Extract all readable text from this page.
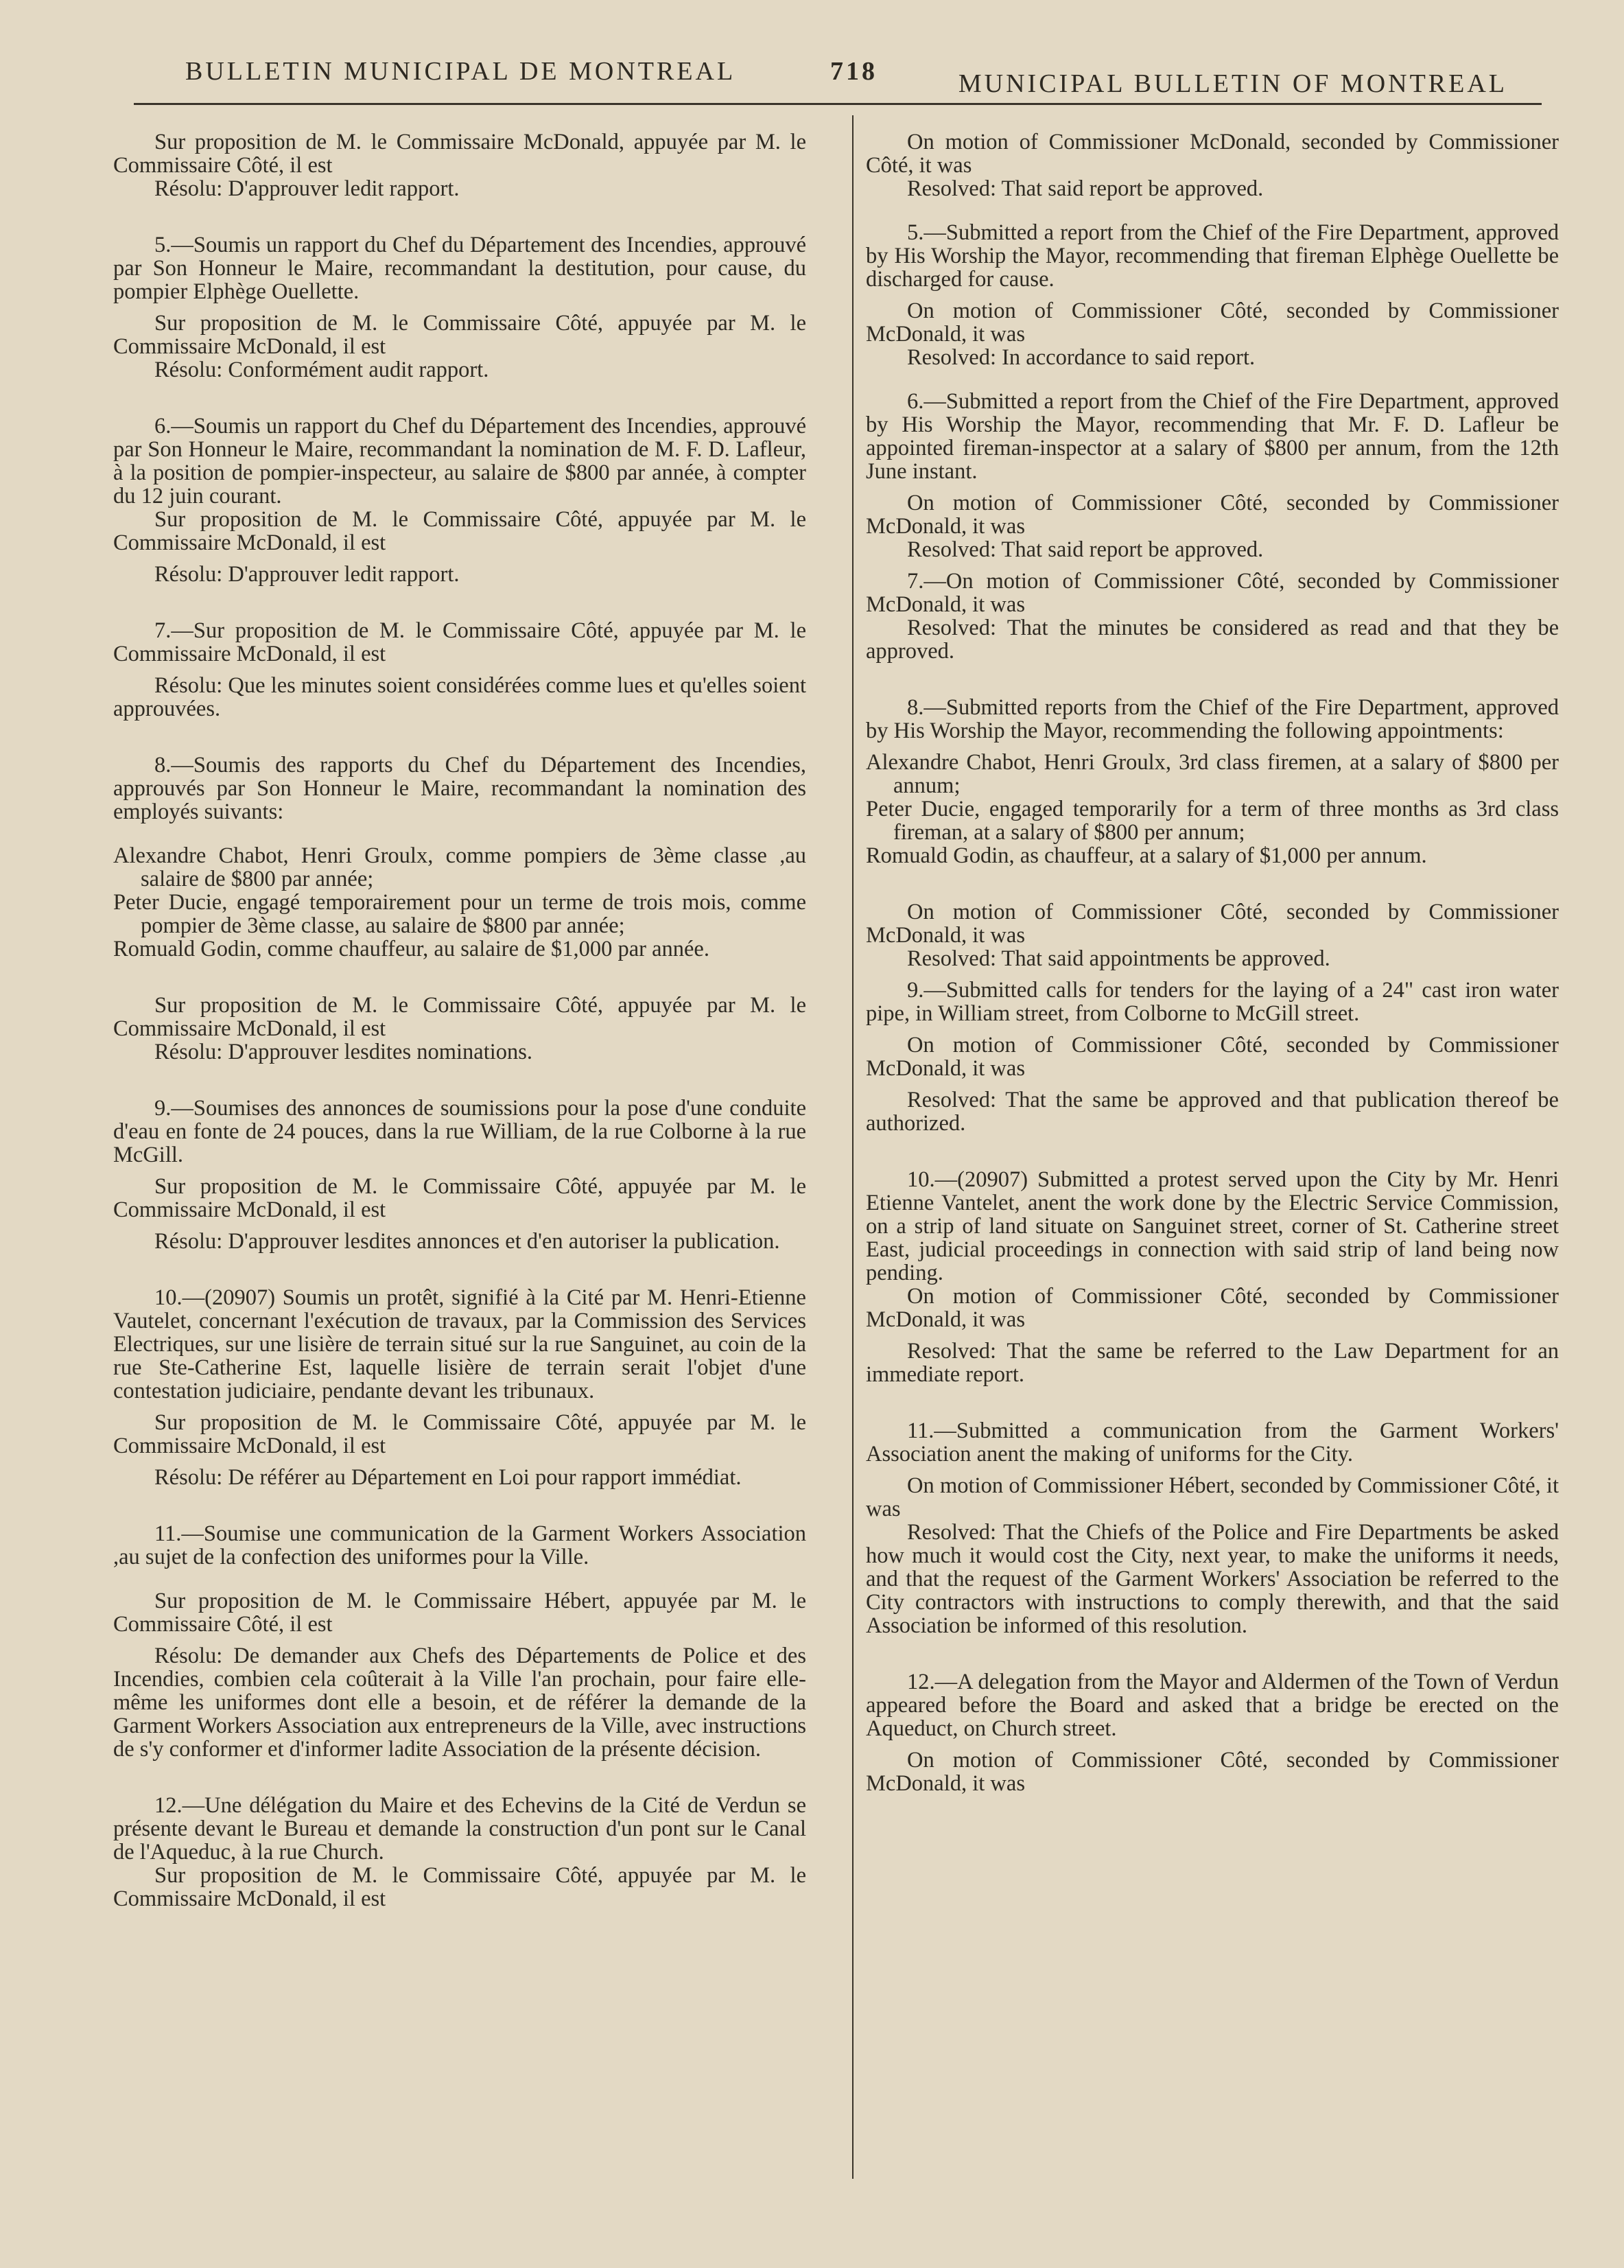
BULLETIN MUNICIPAL DE MONTREAL	718	MUNICIPAL BULLETIN OF MONTREAL
Sur proposition de M. le Commissaire McDonald, appuyée par M. le Commissaire Côté, il est
Résolu: D'approuver ledit rapport.
5.—Soumis un rapport du Chef du Département des Incendies, approuvé par Son Honneur le Maire, recommandant la destitution, pour cause, du pompier Elphège Ouellette.
Sur proposition de M. le Commissaire Côté, appuyée par M. le Commissaire McDonald, il est
Résolu: Conformément audit rapport.
6.—Soumis un rapport du Chef du Département des Incendies, approuvé par Son Honneur le Maire, recommandant la nomination de M. F. D. Lafleur, à la position de pompier-inspecteur, au salaire de $800 par année, à compter du 12 juin courant.
Sur proposition de M. le Commissaire Côté, appuyée par M. le Commissaire McDonald, il est
Résolu: D'approuver ledit rapport.
7.—Sur proposition de M. le Commissaire Côté, appuyée par M. le Commissaire McDonald, il est
Résolu: Que les minutes soient considérées comme lues et qu'elles soient approuvées.
8.—Soumis des rapports du Chef du Département des Incendies, approuvés par Son Honneur le Maire, recommandant la nomination des employés suivants:
Alexandre Chabot, Henri Groulx, comme pompiers de 3ème classe ,au salaire de $800 par année;
Peter Ducie, engagé temporairement pour un terme de trois mois, comme pompier de 3ème classe, au salaire de $800 par année;
Romuald Godin, comme chauffeur, au salaire de $1,000 par année.
Sur proposition de M. le Commissaire Côté, appuyée par M. le Commissaire McDonald, il est
Résolu: D'approuver lesdites nominations.
9.—Soumises des annonces de soumissions pour la pose d'une conduite d'eau en fonte de 24 pouces, dans la rue William, de la rue Colborne à la rue McGill.
Sur proposition de M. le Commissaire Côté, appuyée par M. le Commissaire McDonald, il est
Résolu: D'approuver lesdites annonces et d'en autoriser la publication.
10.—(20907) Soumis un protêt, signifié à la Cité par M. Henri-Etienne Vautelet, concernant l'exécution de travaux, par la Commission des Services Electriques, sur une lisière de terrain situé sur la rue Sanguinet, au coin de la rue Ste-Catherine Est, laquelle lisière de terrain serait l'objet d'une contestation judiciaire, pendante devant les tribunaux.
Sur proposition de M. le Commissaire Côté, appuyée par M. le Commissaire McDonald, il est
Résolu: De référer au Département en Loi pour rapport immédiat.
11.—Soumise une communication de la Garment Workers Association ,au sujet de la confection des uniformes pour la Ville.
Sur proposition de M. le Commissaire Hébert, appuyée par M. le Commissaire Côté, il est
Résolu: De demander aux Chefs des Départements de Police et des Incendies, combien cela coûterait à la Ville l'an prochain, pour faire elle-même les uniformes dont elle a besoin, et de référer la demande de la Garment Workers Association aux entrepreneurs de la Ville, avec instructions de s'y conformer et d'informer ladite Association de la présente décision.
12.—Une délégation du Maire et des Echevins de la Cité de Verdun se présente devant le Bureau et demande la construction d'un pont sur le Canal de l'Aqueduc, à la rue Church.
Sur proposition de M. le Commissaire Côté, appuyée par M. le Commissaire McDonald, il est
On motion of Commissioner McDonald, seconded by Commissioner Côté, it was
Resolved: That said report be approved.
5.—Submitted a report from the Chief of the Fire Department, approved by His Worship the Mayor, recommending that fireman Elphège Ouellette be discharged for cause.
On motion of Commissioner Côté, seconded by Commissioner McDonald, it was
Resolved: In accordance to said report.
6.—Submitted a report from the Chief of the Fire Department, approved by His Worship the Mayor, recommending that Mr. F. D. Lafleur be appointed fireman-inspector at a salary of $800 per annum, from the 12th June instant.
On motion of Commissioner Côté, seconded by Commissioner McDonald, it was
Resolved: That said report be approved.
7.—On motion of Commissioner Côté, seconded by Commissioner McDonald, it was
Resolved: That the minutes be considered as read and that they be approved.
8.—Submitted reports from the Chief of the Fire Department, approved by His Worship the Mayor, recommending the following appointments:
Alexandre Chabot, Henri Groulx, 3rd class firemen, at a salary of $800 per annum;
Peter Ducie, engaged temporarily for a term of three months as 3rd class fireman, at a salary of $800 per annum;
Romuald Godin, as chauffeur, at a salary of $1,000 per annum.
On motion of Commissioner Côté, seconded by Commissioner McDonald, it was
Resolved: That said appointments be approved.
9.—Submitted calls for tenders for the laying of a 24" cast iron water pipe, in William street, from Colborne to McGill street.
On motion of Commissioner Côté, seconded by Commissioner McDonald, it was
Resolved: That the same be approved and that publication thereof be authorized.
10.—(20907) Submitted a protest served upon the City by Mr. Henri Etienne Vantelet, anent the work done by the Electric Service Commission, on a strip of land situate on Sanguinet street, corner of St. Catherine street East, judicial proceedings in connection with said strip of land being now pending.
On motion of Commissioner Côté, seconded by Commissioner McDonald, it was
Resolved: That the same be referred to the Law Department for an immediate report.
11.—Submitted a communication from the Garment Workers' Association anent the making of uniforms for the City.
On motion of Commissioner Hébert, seconded by Commissioner Côté, it was
Resolved: That the Chiefs of the Police and Fire Departments be asked how much it would cost the City, next year, to make the uniforms it needs, and that the request of the Garment Workers' Association be referred to the City contractors with instructions to comply therewith, and that the said Association be informed of this resolution.
12.—A delegation from the Mayor and Aldermen of the Town of Verdun appeared before the Board and asked that a bridge be erected on the Aqueduct, on Church street.
On motion of Commissioner Côté, seconded by Commissioner McDonald, it was
